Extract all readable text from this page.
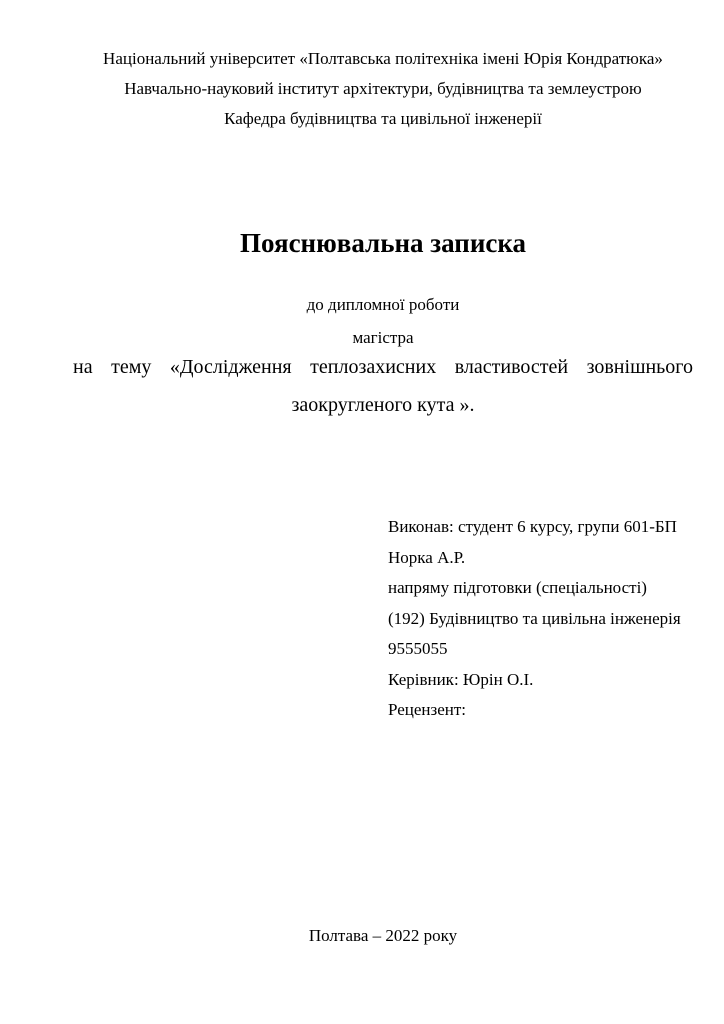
Національний університет «Полтавська політехніка імені Юрія Кондратюка»
Навчально-науковий інститут архітектури, будівництва та землеустрою
Кафедра будівництва та цивільної інженерії
Пояснювальна записка
до дипломної роботи
магістра
на тему «Дослідження теплозахисних властивостей зовнішнього
заокругленого кута ».
Виконав: студент 6 курсу, групи 601-БП
Норка А.Р.
напряму підготовки (спеціальності)
(192) Будівництво та цивільна інженерія
9555055
Керівник: Юрін О.І.
Рецензент:
Полтава – 2022 року
